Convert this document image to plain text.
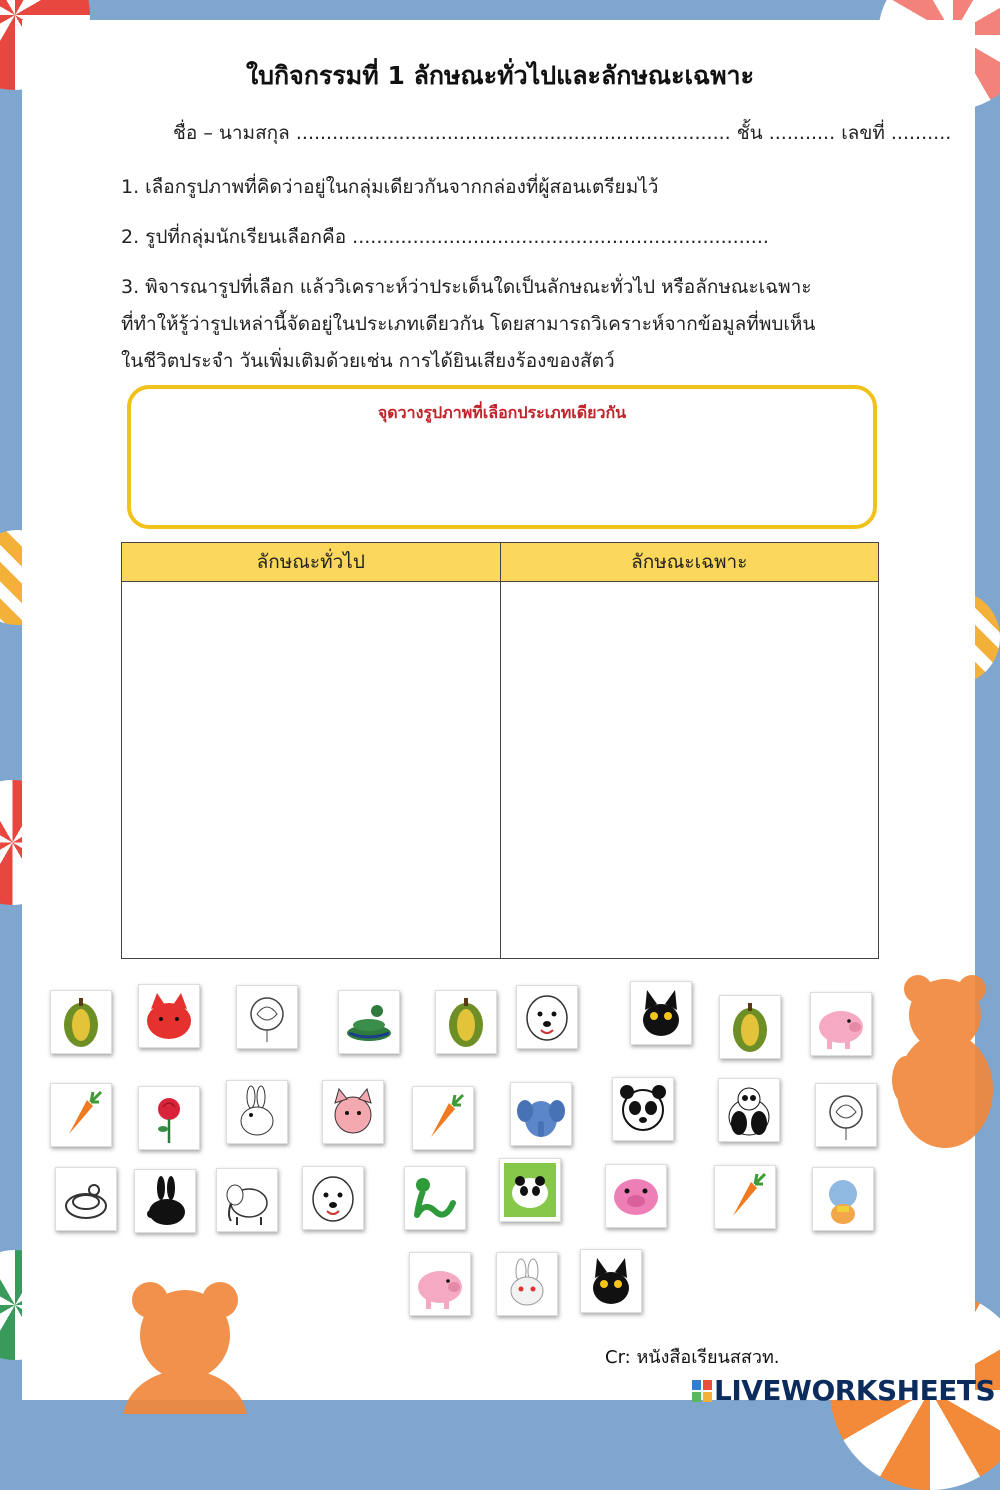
ใบกิจกรรมที่ 1 ลักษณะทั่วไปและลักษณะเฉพาะ
ชื่อ – นามสกุล ........................................................................ ชั้น ........... เลขที่ ..........
1. เลือกรูปภาพที่คิดว่าอยู่ในกลุ่มเดียวกันจากกล่องที่ผู้สอนเตรียมไว้
2. รูปที่กลุ่มนักเรียนเลือกคือ .....................................................................
3. พิจารณารูปที่เลือก แล้ววิเคราะห์ว่าประเด็นใดเป็นลักษณะทั่วไป หรือลักษณะเฉพาะ
ที่ทำให้รู้ว่ารูปเหล่านี้จัดอยู่ในประเภทเดียวกัน โดยสามารถวิเคราะห์จากข้อมูลที่พบเห็น
ในชีวิตประจำ วันเพิ่มเติมด้วยเช่น การได้ยินเสียงร้องของสัตว์
จุดวางรูปภาพที่เลือกประเภทเดียวกัน
ลักษณะทั่วไป	ลักษณะเฉพาะ

Cr: หนังสือเรียนสสวท.
LIVEWORKSHEETS
